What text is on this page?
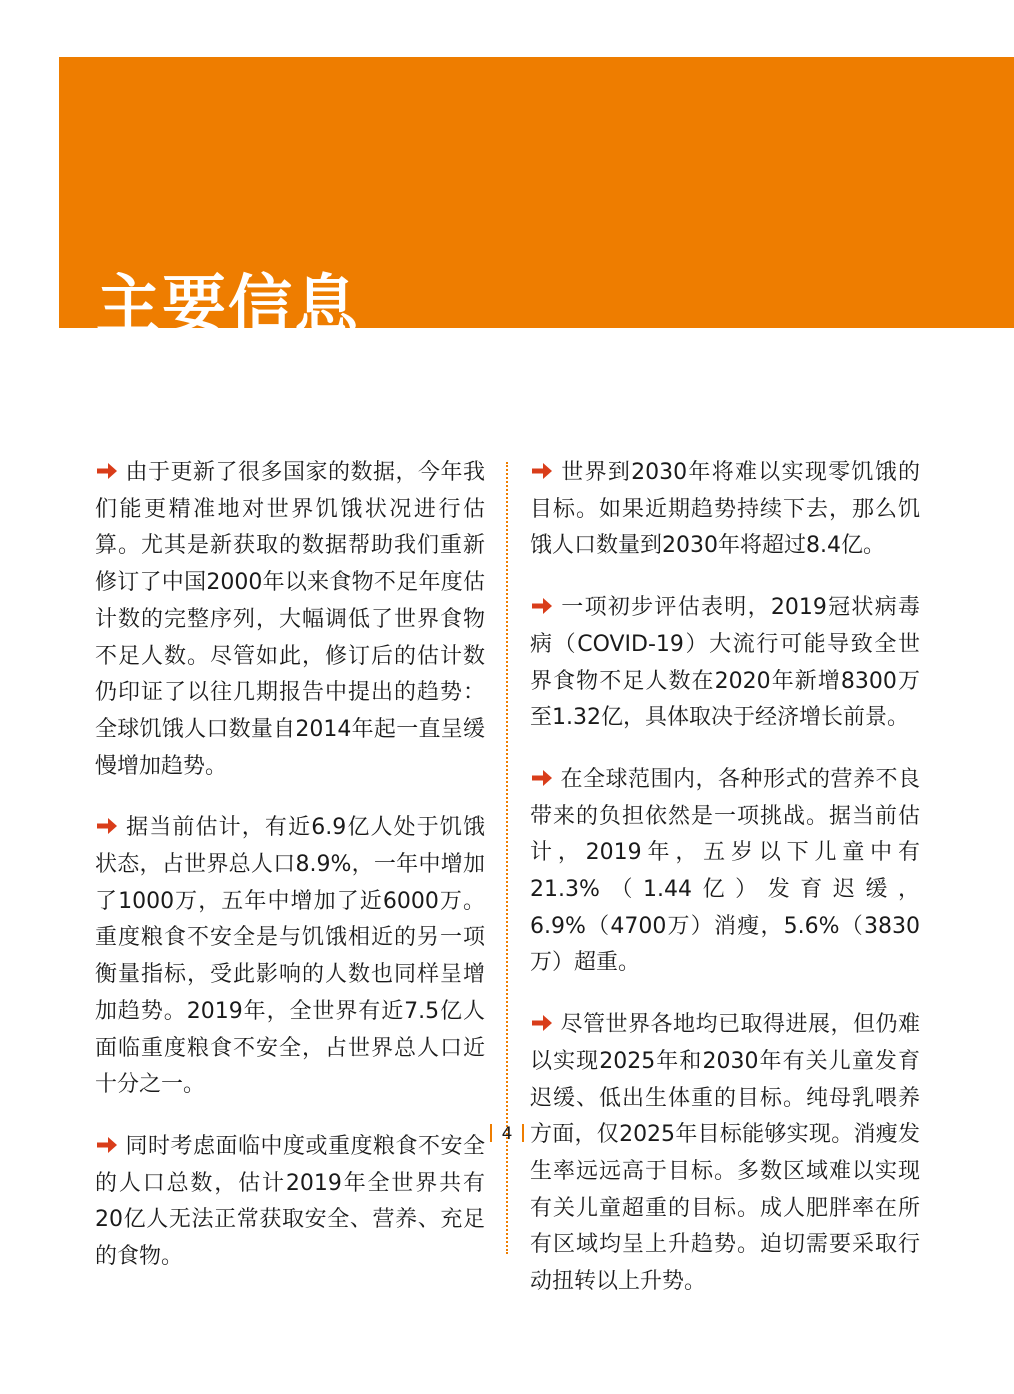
主要信息

由于更新了很多国家的数据，今年我们能更精准地对世界饥饿状况进行估算。尤其是新获取的数据帮助我们重新修订了中国2000年以来食物不足年度估计数的完整序列，大幅调低了世界食物不足人数。尽管如此，修订后的估计数仍印证了以往几期报告中提出的趋势：全球饥饿人口数量自2014年起一直呈缓慢增加趋势。

据当前估计，有近6.9亿人处于饥饿状态，占世界总人口8.9%，一年中增加了1000万，五年中增加了近6000万。重度粮食不安全是与饥饿相近的另一项衡量指标，受此影响的人数也同样呈增加趋势。2019年，全世界有近7.5亿人面临重度粮食不安全，占世界总人口近十分之一。

同时考虑面临中度或重度粮食不安全的人口总数，估计2019年全世界共有20亿人无法正常获取安全、营养、充足的食物。

世界到2030年将难以实现零饥饿的目标。如果近期趋势持续下去，那么饥饿人口数量到2030年将超过8.4亿。

一项初步评估表明，2019冠状病毒病（COVID-19）大流行可能导致全世界食物不足人数在2020年新增8300万至1.32亿，具体取决于经济增长前景。

在全球范围内，各种形式的营养不良带来的负担依然是一项挑战。据当前估计，2019年，五岁以下儿童中有21.3%（1.44亿）发育迟缓，6.9%（4700万）消瘦，5.6%（3830万）超重。

尽管世界各地均已取得进展，但仍难以实现2025年和2030年有关儿童发育迟缓、低出生体重的目标。纯母乳喂养方面，仅2025年目标能够实现。消瘦发生率远远高于目标。多数区域难以实现有关儿童超重的目标。成人肥胖率在所有区域均呈上升趋势。迫切需要采取行动扭转以上升势。

4
